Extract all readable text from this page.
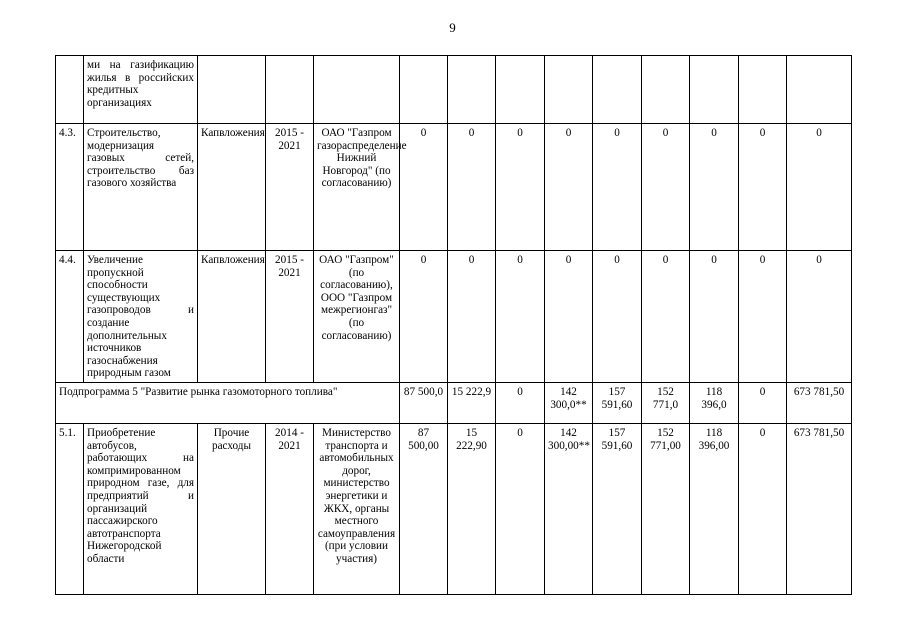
9
	ми на газификацию жилья в российских кредитных организациях												
4.3.	Строительство, модернизация газовых сетей, строительство баз газового хозяйства	Капвложения	2015 - 2021	ОАО "Газпром газораспределение Нижний Новгород" (по согласованию)	0	0	0	0	0	0	0	0	0
4.4.	Увеличение пропускной способности существующих газопроводов и создание дополнительных источников газоснабжения природным газом	Капвложения	2015 - 2021	ОАО "Газпром" (по согласованию), ООО "Газпром межрегионгаз" (по согласованию)	0	0	0	0	0	0	0	0	0
Подпрограмма 5 "Развитие рынка газомоторного топлива"					87 500,0	15 222,9	0	142 300,0**	157 591,60	152 771,0	118 396,0	0	673 781,50
5.1.	Приобретение автобусов, работающих на компримированном природном газе, для предприятий и организаций пассажирского автотранспорта Нижегородской области	Прочие расходы	2014 - 2021	Министерство транспорта и автомобильных дорог, министерство энергетики и ЖКХ, органы местного самоуправления (при условии участия)	87 500,00	15 222,90	0	142 300,00**	157 591,60	152 771,00	118 396,00	0	673 781,50
